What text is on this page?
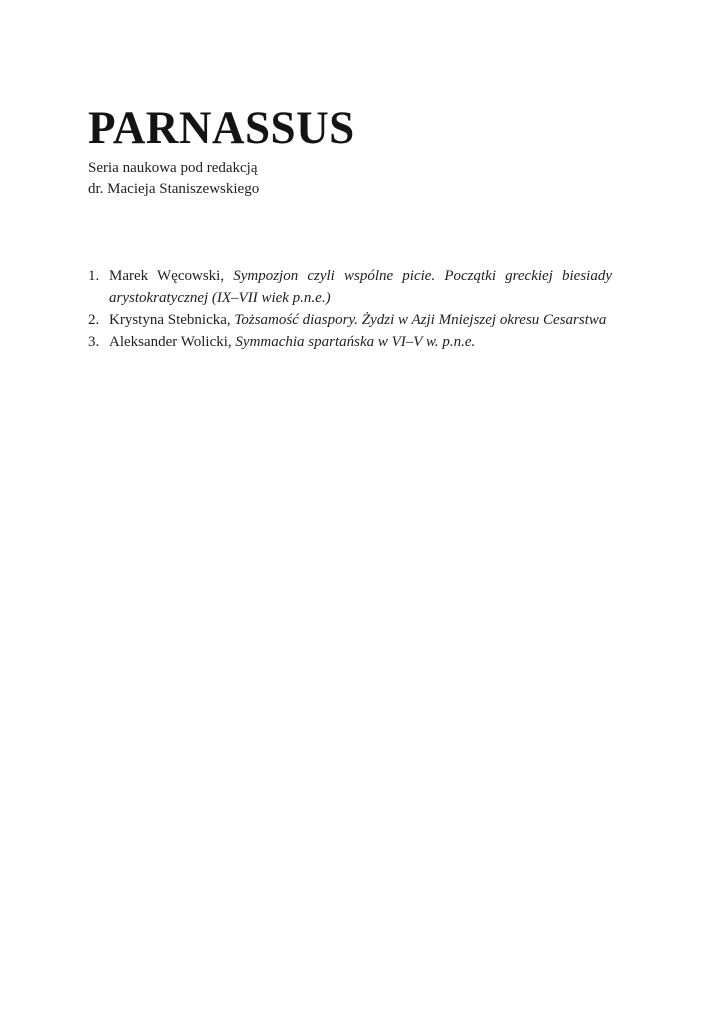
PARNASSUS
Seria naukowa pod redakcją
dr. Macieja Staniszewskiego
1. Marek Węcowski, Sympozjon czyli wspólne picie. Początki greckiej biesiady arystokratycznej (IX–VII wiek p.n.e.)
2. Krystyna Stebnicka, Tożsamość diaspory. Żydzi w Azji Mniejszej okresu Cesarstwa
3. Aleksander Wolicki, Symmachia spartańska w VI–V w. p.n.e.
